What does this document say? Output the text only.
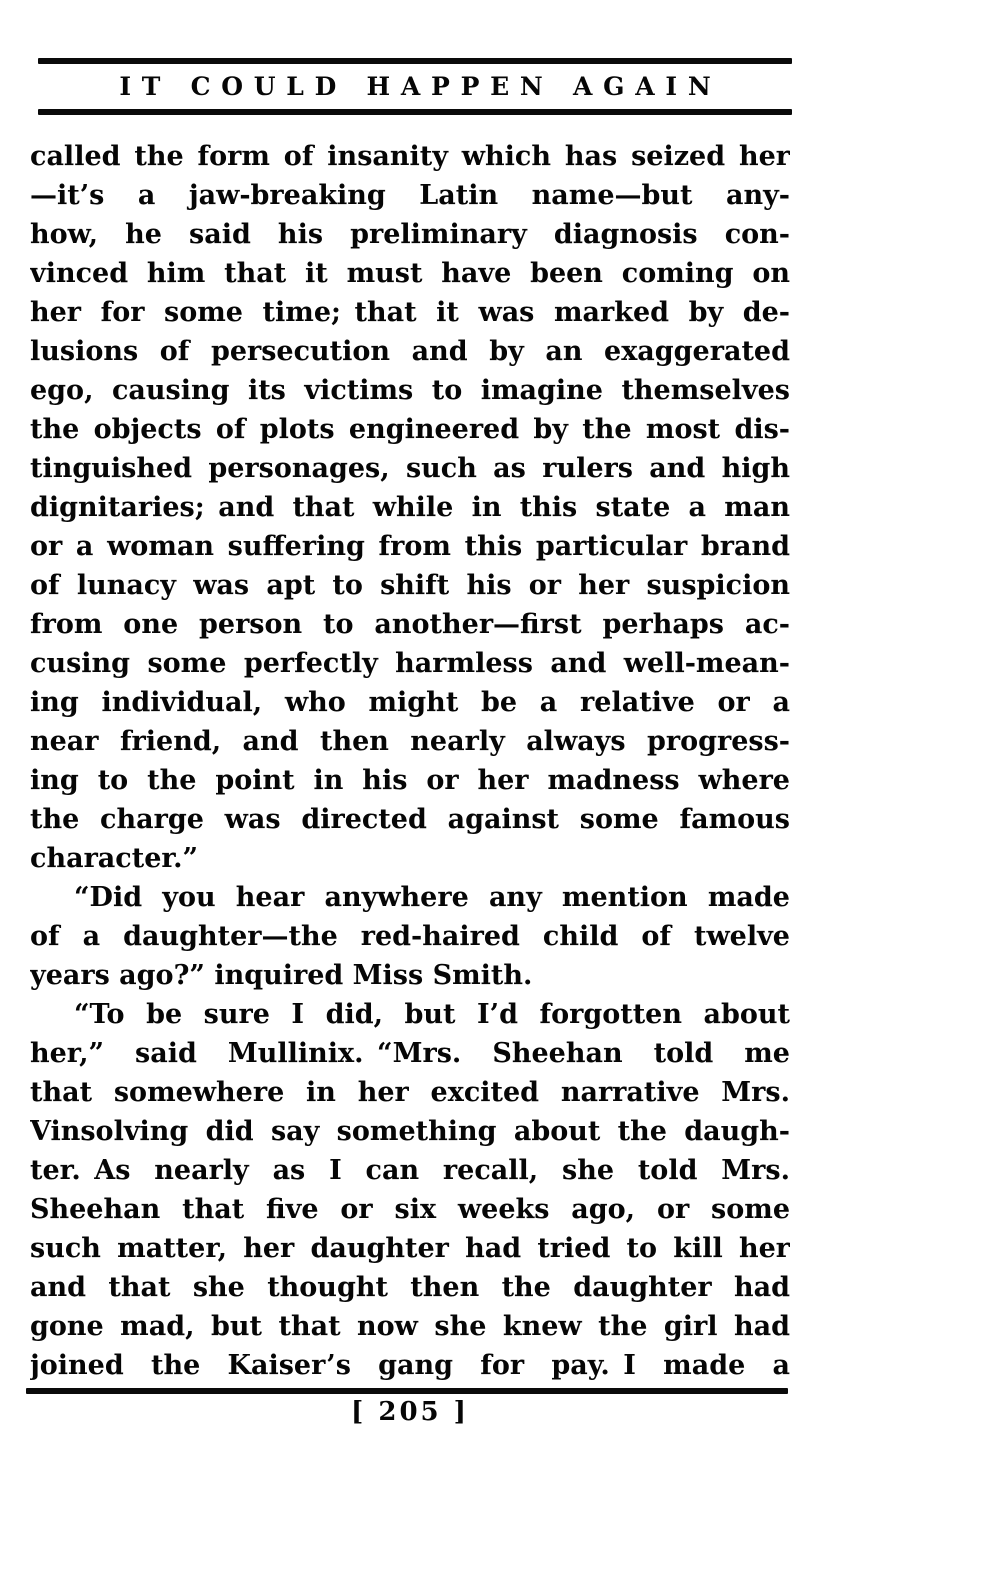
IT COULD HAPPEN AGAIN
called the form of insanity which has seized her
—it’s a jaw-breaking Latin name—but any-
how, he said his preliminary diagnosis con-
vinced him that it must have been coming on
her for some time; that it was marked by de-
lusions of persecution and by an exaggerated
ego, causing its victims to imagine themselves
the objects of plots engineered by the most dis-
tinguished personages, such as rulers and high
dignitaries; and that while in this state a man
or a woman suffering from this particular brand
of lunacy was apt to shift his or her suspicion
from one person to another—first perhaps ac-
cusing some perfectly harmless and well-mean-
ing individual, who might be a relative or a
near friend, and then nearly always progress-
ing to the point in his or her madness where
the charge was directed against some famous
character.”
“Did you hear anywhere any mention made
of a daughter—the red-haired child of twelve
years ago?” inquired Miss Smith.
“To be sure I did, but I’d forgotten about
her,” said Mullinix. “Mrs. Sheehan told me
that somewhere in her excited narrative Mrs.
Vinsolving did say something about the daugh-
ter. As nearly as I can recall, she told Mrs.
Sheehan that five or six weeks ago, or some
such matter, her daughter had tried to kill her
and that she thought then the daughter had
gone mad, but that now she knew the girl had
joined the Kaiser’s gang for pay. I made a
[ 205 ]
